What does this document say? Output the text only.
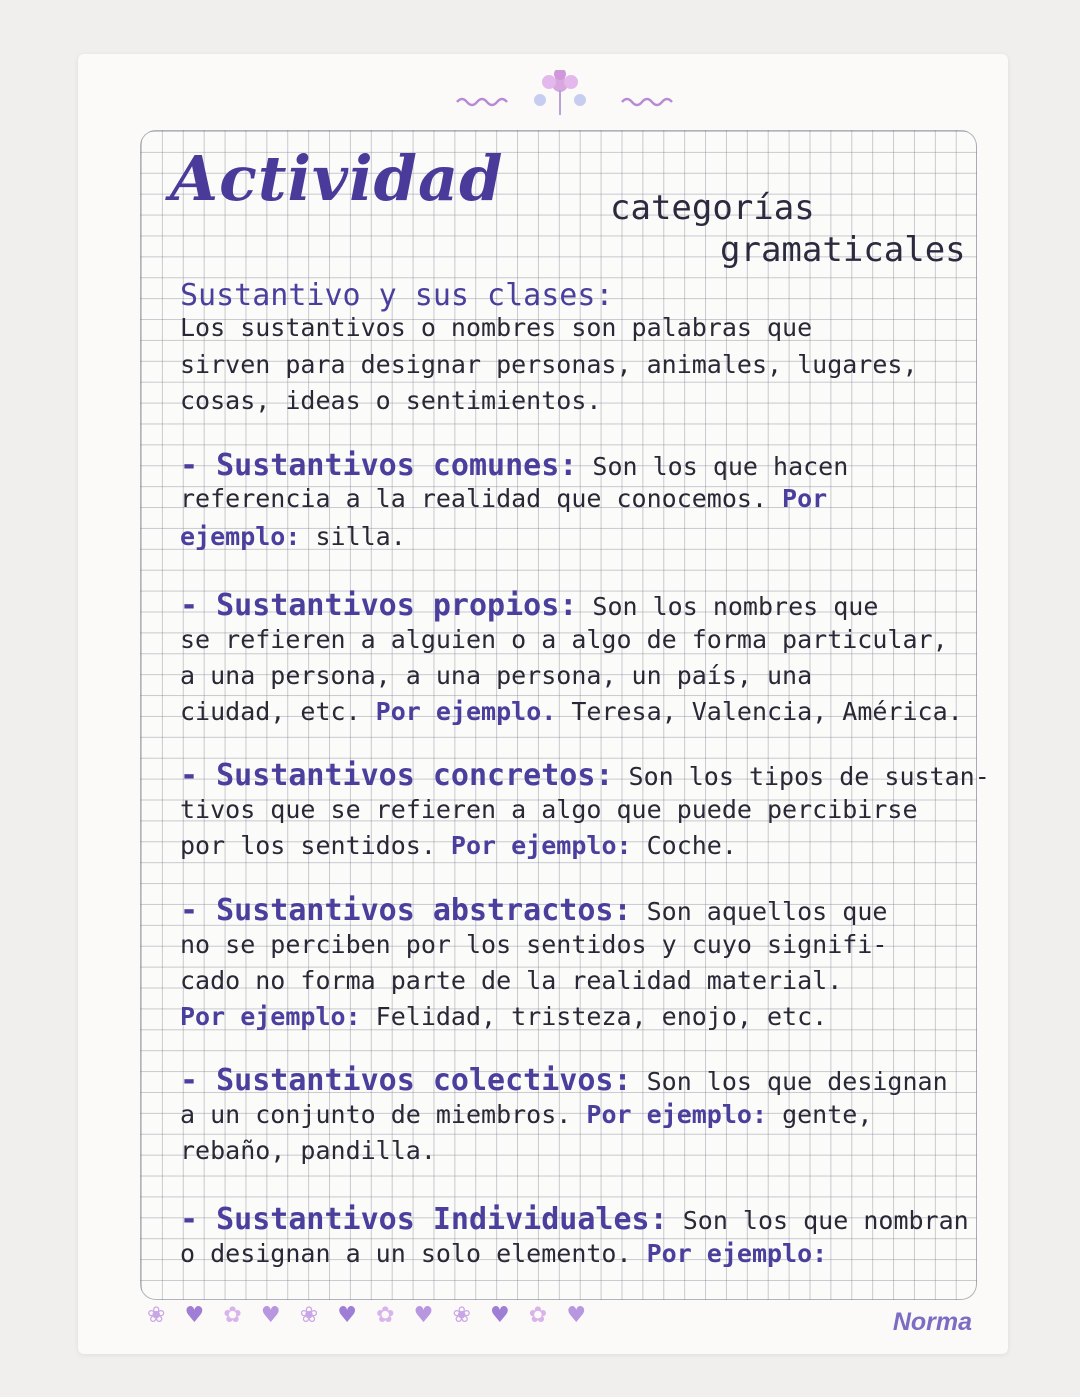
Actividad	categorías
gramaticales
Sustantivo y sus clases:
Los sustantivos o nombres son palabras que
sirven para designar personas, animales, lugares,
cosas, ideas o sentimientos.
- Sustantivos comunes: Son los que hacen
referencia a la realidad que conocemos. Por
ejemplo: silla.
- Sustantivos propios: Son los nombres que
se refieren a alguien o a algo de forma particular,
a una persona, a una persona, un país, una
ciudad, etc. Por ejemplo. Teresa, Valencia, América.
- Sustantivos concretos: Son los tipos de sustan-
tivos que se refieren a algo que puede percibirse
por los sentidos. Por ejemplo: Coche.
- Sustantivos abstractos: Son aquellos que
no se perciben por los sentidos y cuyo signifi-
cado no forma parte de la realidad material.
Por ejemplo: Felidad, tristeza, enojo, etc.
- Sustantivos colectivos: Son los que designan
a un conjunto de miembros. Por ejemplo: gente,
rebaño, pandilla.
- Sustantivos Individuales: Son los que nombran
o designan a un solo elemento. Por ejemplo:
❀ ♥ ✿ ♥ ❀ ♥ ✿ ♥ ❀ ♥ ✿ ♥	Norma
